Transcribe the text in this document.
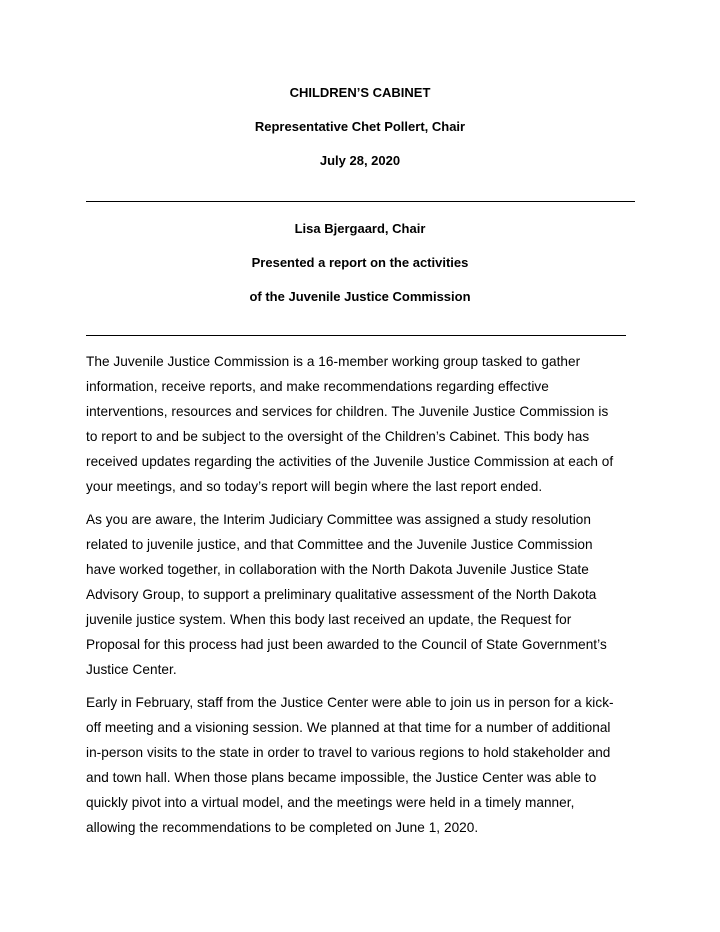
CHILDREN’S CABINET
Representative Chet Pollert, Chair
July 28, 2020
Lisa Bjergaard, Chair
Presented a report on the activities
of the Juvenile Justice Commission

The Juvenile Justice Commission is a 16-member working group tasked to gather
information, receive reports, and make recommendations regarding effective
interventions, resources and services for children. The Juvenile Justice Commission is
to report to and be subject to the oversight of the Children’s Cabinet. This body has
received updates regarding the activities of the Juvenile Justice Commission at each of
your meetings, and so today’s report will begin where the last report ended.

As you are aware, the Interim Judiciary Committee was assigned a study resolution
related to juvenile justice, and that Committee and the Juvenile Justice Commission
have worked together, in collaboration with the North Dakota Juvenile Justice State
Advisory Group, to support a preliminary qualitative assessment of the North Dakota
juvenile justice system. When this body last received an update, the Request for
Proposal for this process had just been awarded to the Council of State Government’s
Justice Center.

Early in February, staff from the Justice Center were able to join us in person for a kick-
off meeting and a visioning session. We planned at that time for a number of additional
in-person visits to the state in order to travel to various regions to hold stakeholder and
and town hall. When those plans became impossible, the Justice Center was able to
quickly pivot into a virtual model, and the meetings were held in a timely manner,
allowing the recommendations to be completed on June 1, 2020.
